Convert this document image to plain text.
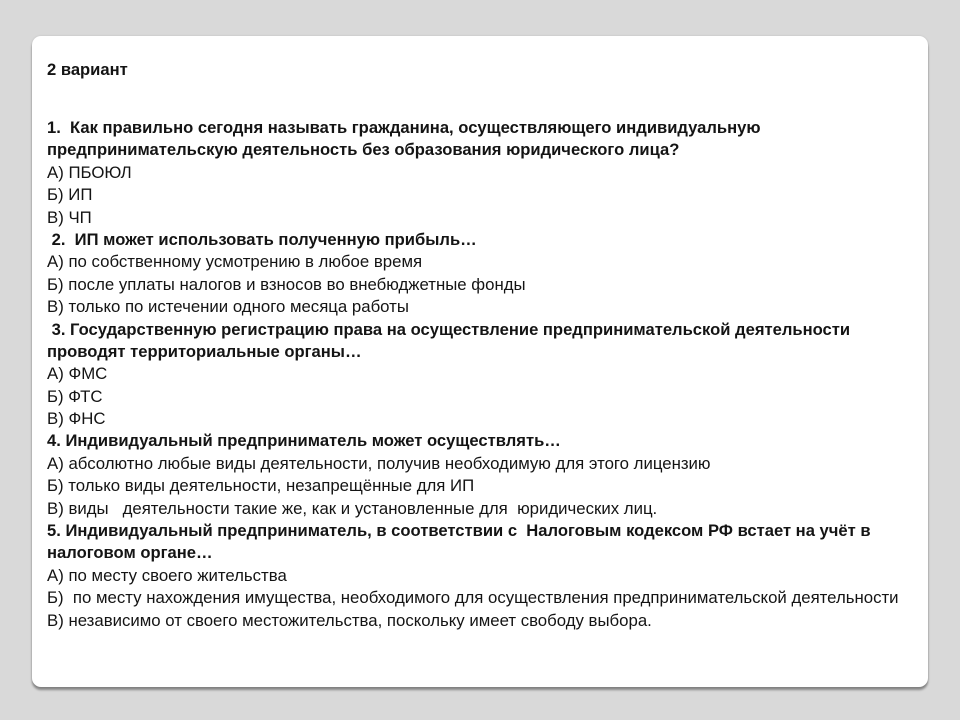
2 вариант
1.  Как правильно сегодня называть гражданина, осуществляющего индивидуальную
предпринимательскую деятельность без образования юридического лица?
А) ПБОЮЛ
Б) ИП
В) ЧП
2.  ИП может использовать полученную прибыль…
А) по собственному усмотрению в любое время
Б) после уплаты налогов и взносов во внебюджетные фонды
В) только по истечении одного месяца работы
3. Государственную регистрацию права на осуществление предпринимательской деятельности
проводят территориальные органы…
А) ФМС
Б) ФТС
В) ФНС
4. Индивидуальный предприниматель может осуществлять…
А) абсолютно любые виды деятельности, получив необходимую для этого лицензию
Б) только виды деятельности, незапрещённые для ИП
В) виды   деятельности такие же, как и установленные для  юридических лиц.
5. Индивидуальный предприниматель, в соответствии с  Налоговым кодексом РФ встает на учёт в
налоговом органе…
А) по месту своего жительства
Б)  по месту нахождения имущества, необходимого для осуществления предпринимательской деятельности
В) независимо от своего местожительства, поскольку имеет свободу выбора.
